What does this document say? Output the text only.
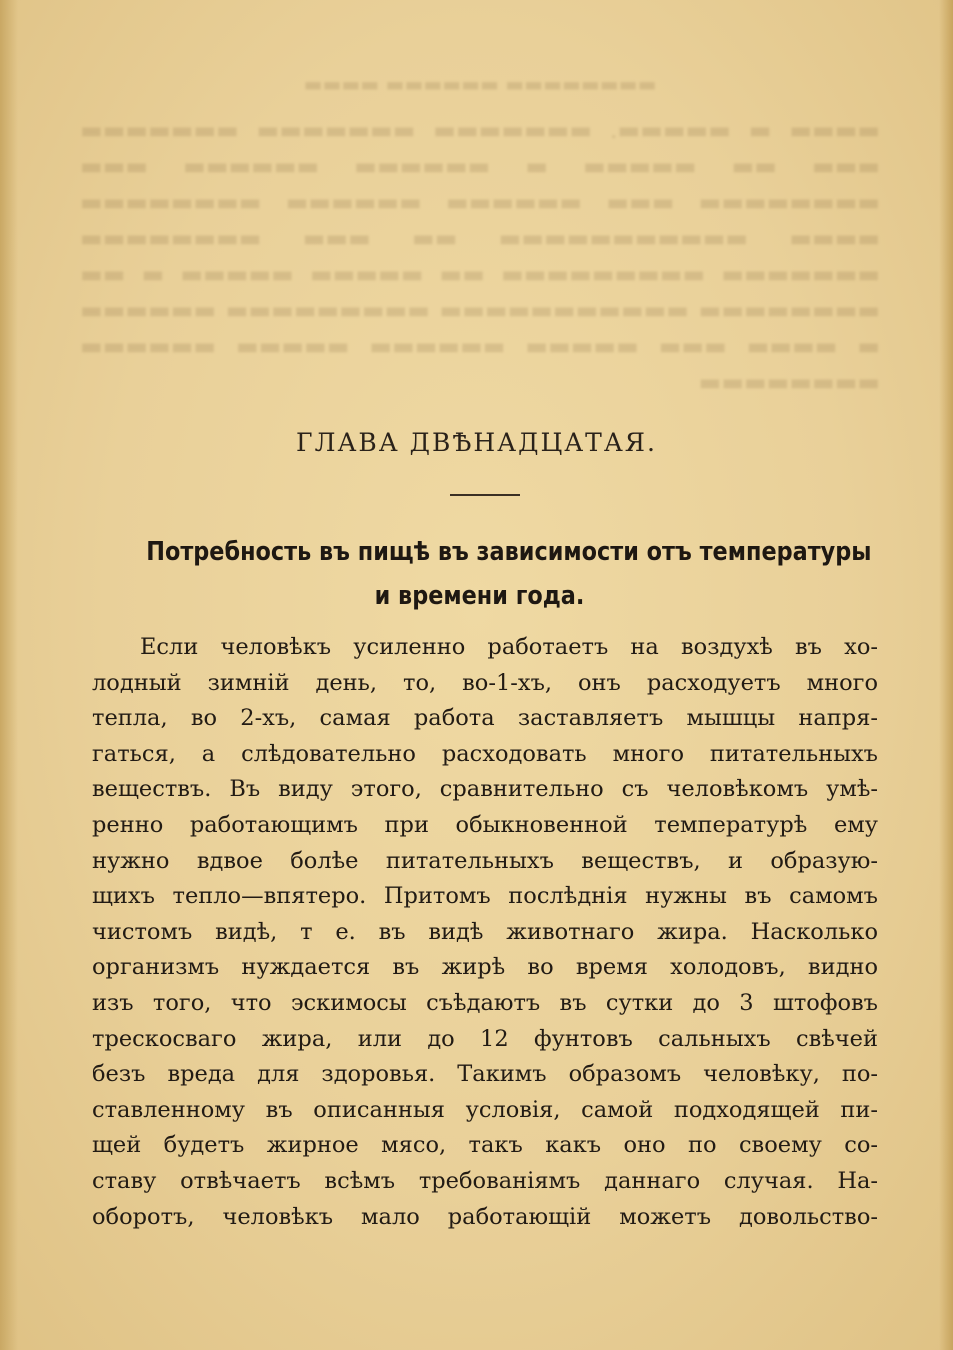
▬▬▬▬▬▬▬▬ ▬▬▬▬▬▬ ▬▬▬▬

▬▬▬▬ ▬ ▬▬▬▬▬. ▬▬▬▬▬▬▬ ▬▬▬▬▬▬▬ ▬▬▬▬▬▬▬ ▬▬▬ ▬▬ ▬▬▬▬▬ ▬ ▬▬▬▬▬▬ ▬▬▬▬▬▬ ▬▬▬ ▬▬▬▬▬▬▬▬ ▬▬▬ ▬▬▬▬▬▬ ▬▬▬▬▬▬ ▬▬▬▬▬▬▬▬ ▬▬▬▬ ▬▬▬▬▬▬▬▬▬▬▬ ▬▬ ▬▬▬ ▬▬▬▬▬▬▬▬ ▬▬▬▬▬▬▬ ▬▬▬▬▬▬▬▬▬ ▬▬ ▬▬▬▬▬ ▬▬▬▬▬ ▬ ▬▬ ▬▬▬▬▬▬▬▬ ▬▬▬▬▬▬▬▬▬▬▬ ▬▬▬▬▬▬▬▬▬ ▬▬▬▬▬▬ ▬ ▬▬▬▬ ▬▬▬ ▬▬▬▬▬ ▬▬▬▬▬▬ ▬▬▬▬▬ ▬▬▬▬▬▬ ▬▬▬▬▬▬▬▬

ГЛАВА ДВѢНАДЦАТАЯ.
Потребность въ пищѣ въ зависимости отъ температуры
и времени года.
Если человѣкъ усиленно работаетъ на воздухѣ въ хо-
лодный зимній день, то, во-1-хъ, онъ расходуетъ много
тепла, во 2-хъ, самая работа заставляетъ мышцы напря-
гаться, а слѣдовательно расходовать много питательныхъ
веществъ. Въ виду этого, сравнительно съ человѣкомъ умѣ-
ренно работающимъ при обыкновенной температурѣ ему
нужно вдвое болѣе питательныхъ веществъ, и образую-
щихъ тепло—впятеро. Притомъ послѣднія нужны въ самомъ
чистомъ видѣ, т е. въ видѣ животнаго жира. Насколько
организмъ нуждается въ жирѣ во время холодовъ, видно
изъ того, что эскимосы съѣдаютъ въ сутки до 3 штофовъ
трескоcваго жира, или до 12 фунтовъ сальныхъ свѣчей
безъ вреда для здоровья. Такимъ образомъ человѣку, по-
ставленному въ описанныя условія, самой подходящей пи-
щей будетъ жирное мясо, такъ какъ оно по своему со-
ставу отвѣчаетъ всѣмъ требованіямъ даннаго случая. На-
оборотъ, человѣкъ мало работающій можетъ довольство-
